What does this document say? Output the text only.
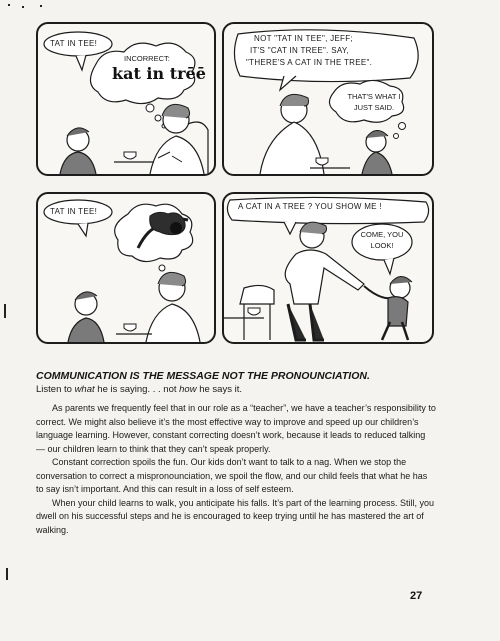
TAT IN TEE!
INCORRECT:
kat in trēē
NOT "TAT IN TEE", JEFF;
IT'S "CAT IN TREE". SAY,
"THERE'S A CAT IN THE TREE".
THAT'S WHAT I
JUST SAID.
TAT IN TEE!
A CAT IN A TREE ? YOU SHOW ME !
COME, YOU
LOOK!
COMMUNICATION IS THE MESSAGE NOT THE PRONOUNCIATION.
Listen to what he is saying. . . not how he says it.

As parents we frequently feel that in our role as a “teacher”, we have a teacher’s responsibility to correct. We might also believe it’s the most effective way to improve and speed up our children’s language learning. However, constant correcting doesn’t work, because it leads to reduced talking — our children learn to think that they can’t speak properly.

Constant correction spoils the fun. Our kids don’t want to talk to a nag. When we stop the conversation to correct a mispronounciation, we spoil the flow, and our child feels that what he has to say isn’t important. And this can result in a loss of self esteem.

When your child learns to walk, you anticipate his falls. It’s part of the learning process. Still, you dwell on his successful steps and he is encouraged to keep trying until he has mastered the art of walking.

27
